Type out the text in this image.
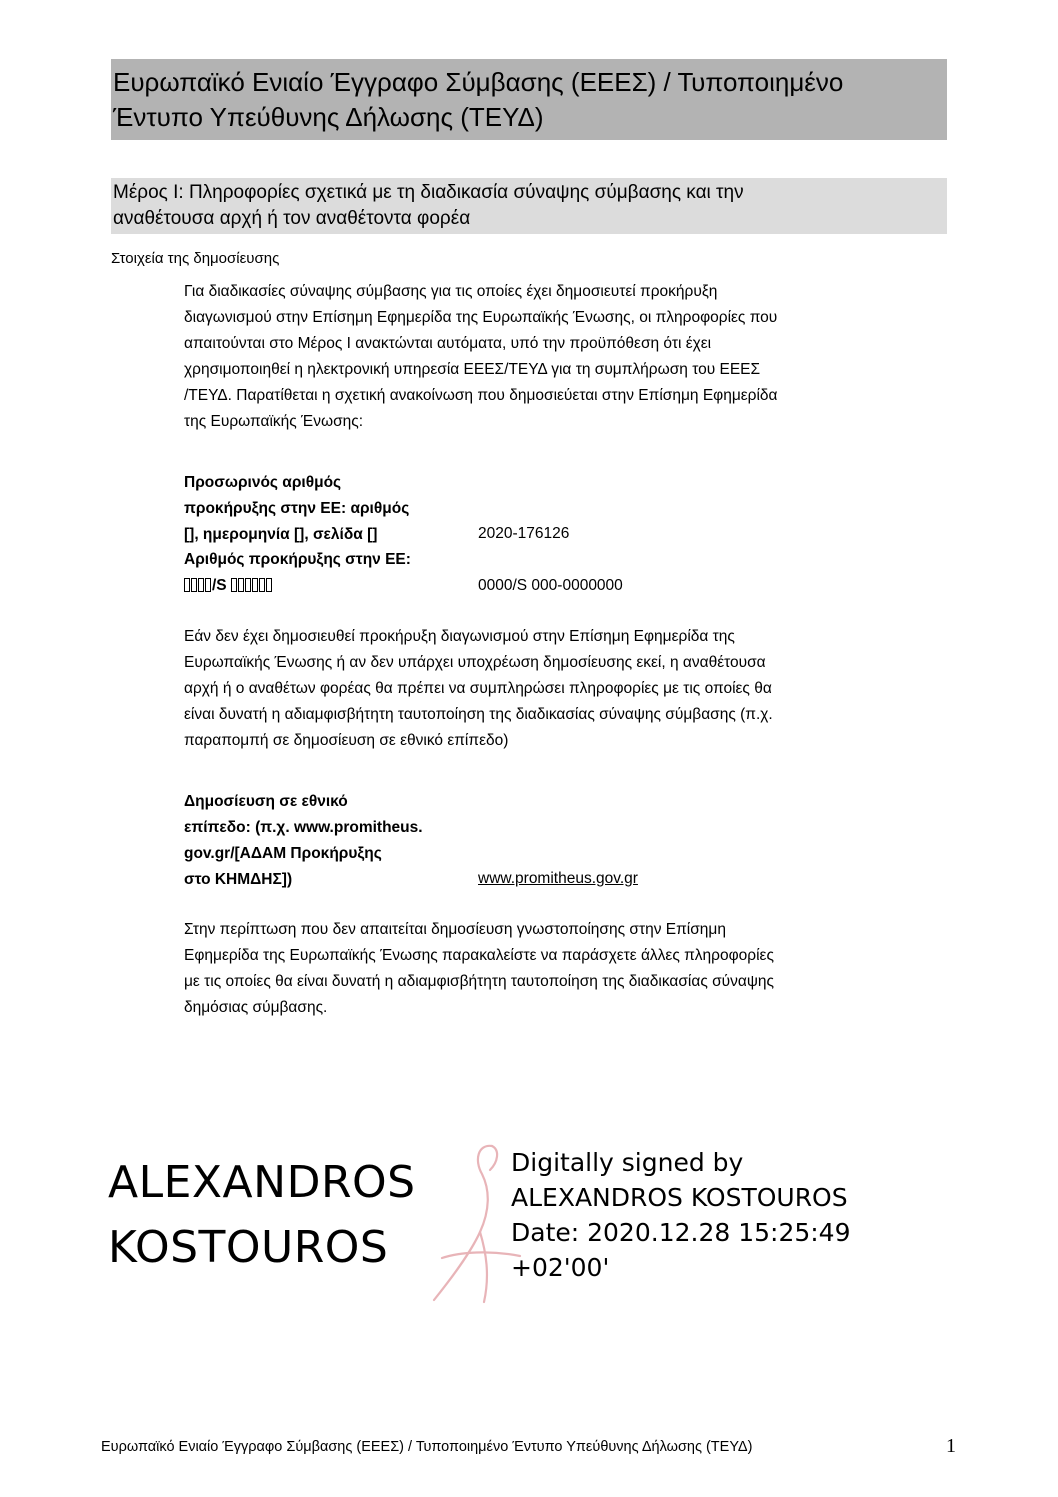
Ευρωπαϊκό Ενιαίο Έγγραφο Σύμβασης (ΕΕΕΣ) / Τυποποιημένο
Έντυπο Υπεύθυνης Δήλωσης (ΤΕΥΔ)
Μέρος Ι: Πληροφορίες σχετικά με τη διαδικασία σύναψης σύμβασης και την
αναθέτουσα αρχή ή τον αναθέτοντα φορέα
Στοιχεία της δημοσίευσης
Για διαδικασίες σύναψης σύμβασης για τις οποίες έχει δημοσιευτεί προκήρυξη
διαγωνισμού στην Επίσημη Εφημερίδα της Ευρωπαϊκής Ένωσης, οι πληροφορίες που
απαιτούνται στο Μέρος I ανακτώνται αυτόματα, υπό την προϋπόθεση ότι έχει
χρησιμοποιηθεί η ηλεκτρονική υπηρεσία ΕΕΕΣ/ΤΕΥΔ για τη συμπλήρωση του ΕΕΕΣ
/ΤΕΥΔ. Παρατίθεται η σχετική ανακοίνωση που δημοσιεύεται στην Επίσημη Εφημερίδα
της Ευρωπαϊκής Ένωσης:
Προσωρινός αριθμός
προκήρυξης στην ΕΕ: αριθμός
[], ημερομηνία [], σελίδα []	2020-176126
Αριθμός προκήρυξης στην ΕΕ:
/S	0000/S 000-0000000
Εάν δεν έχει δημοσιευθεί προκήρυξη διαγωνισμού στην Επίσημη Εφημερίδα της
Ευρωπαϊκής Ένωσης ή αν δεν υπάρχει υποχρέωση δημοσίευσης εκεί, η αναθέτουσα
αρχή ή ο αναθέτων φορέας θα πρέπει να συμπληρώσει πληροφορίες με τις οποίες θα
είναι δυνατή η αδιαμφισβήτητη ταυτοποίηση της διαδικασίας σύναψης σύμβασης (π.χ.
παραπομπή σε δημοσίευση σε εθνικό επίπεδο)
Δημοσίευση σε εθνικό
επίπεδο: (π.χ. www.promitheus.
gov.gr/[ΑΔΑΜ Προκήρυξης
στο ΚΗΜΔΗΣ])	www.promitheus.gov.gr
Στην περίπτωση που δεν απαιτείται δημοσίευση γνωστοποίησης στην Επίσημη
Εφημερίδα της Ευρωπαϊκής Ένωσης παρακαλείστε να παράσχετε άλλες πληροφορίες
με τις οποίες θα είναι δυνατή η αδιαμφισβήτητη ταυτοποίηση της διαδικασίας σύναψης
δημόσιας σύμβασης.
ALEXANDROS
KOSTOUROS
Digitally signed by
ALEXANDROS KOSTOUROS
Date: 2020.12.28 15:25:49
+02'00'
Ευρωπαϊκό Ενιαίο Έγγραφο Σύμβασης (ΕΕΕΣ) / Τυποποιημένο Έντυπο Υπεύθυνης Δήλωσης (ΤΕΥΔ)	1
